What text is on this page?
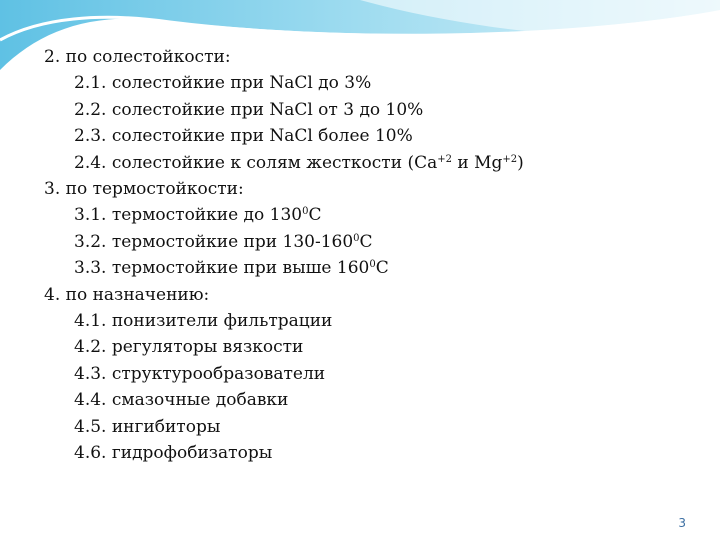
2. по солестойкости:
2.1. солестойкие при NaCl до 3%
2.2. солестойкие при NaCl от 3 до 10%
2.3. солестойкие при NaCl более 10%
2.4. солестойкие к солям жесткости ($Ca^{+2}$ и $Mg^{+2}$)
3. по термостойкости:
3.1. термостойкие до $130^0C$
3.2. термостойкие при $130-160^0C$
3.3. термостойкие при выше $160^0C$
4. по назначению:
4.1. понизители фильтрации
4.2. регуляторы вязкости
4.3. структурообразователи
4.4. смазочные добавки
4.5. ингибиторы
4.6. гидрофобизаторы
3
